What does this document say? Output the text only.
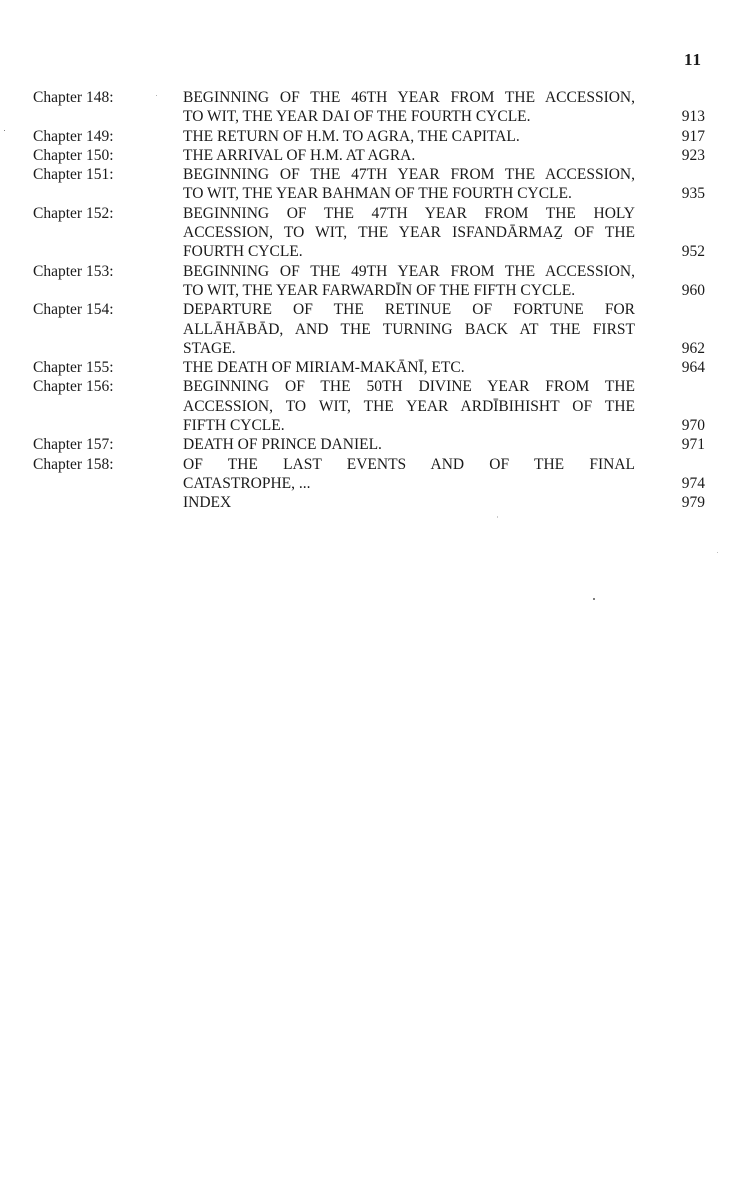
11
Chapter 148:	BEGINNING OF THE 46TH YEAR FROM THE ACCESSION,
TO WIT, THE YEAR DAI OF THE FOURTH CYCLE.	913
Chapter 149:	THE RETURN OF H.M. TO AGRA, THE CAPITAL.	917
Chapter 150:	THE ARRIVAL OF H.M. AT AGRA.	923
Chapter 151:	BEGINNING OF THE 47TH YEAR FROM THE ACCESSION,
TO WIT, THE YEAR BAHMAN OF THE FOURTH CYCLE.	935
Chapter 152:	BEGINNING OF THE 47TH YEAR FROM THE HOLY
ACCESSION, TO WIT, THE YEAR ISFANDĀRMAẔ OF THE
FOURTH CYCLE.	952
Chapter 153:	BEGINNING OF THE 49TH YEAR FROM THE ACCESSION,
TO WIT, THE YEAR FARWARDĪN OF THE FIFTH CYCLE.	960
Chapter 154:	DEPARTURE OF THE RETINUE OF FORTUNE FOR
ALLĀHĀBĀD, AND THE TURNING BACK AT THE FIRST
STAGE.	962
Chapter 155:	THE DEATH OF MIRIAM-MAKĀNĪ, ETC.	964
Chapter 156:	BEGINNING OF THE 50TH DIVINE YEAR FROM THE
ACCESSION, TO WIT, THE YEAR ARDĪBIHISHT OF THE
FIFTH CYCLE.	970
Chapter 157:	DEATH OF PRINCE DANIEL.	971
Chapter 158:	OF THE LAST EVENTS AND OF THE FINAL
CATASTROPHE, ...	974
INDEX	979
